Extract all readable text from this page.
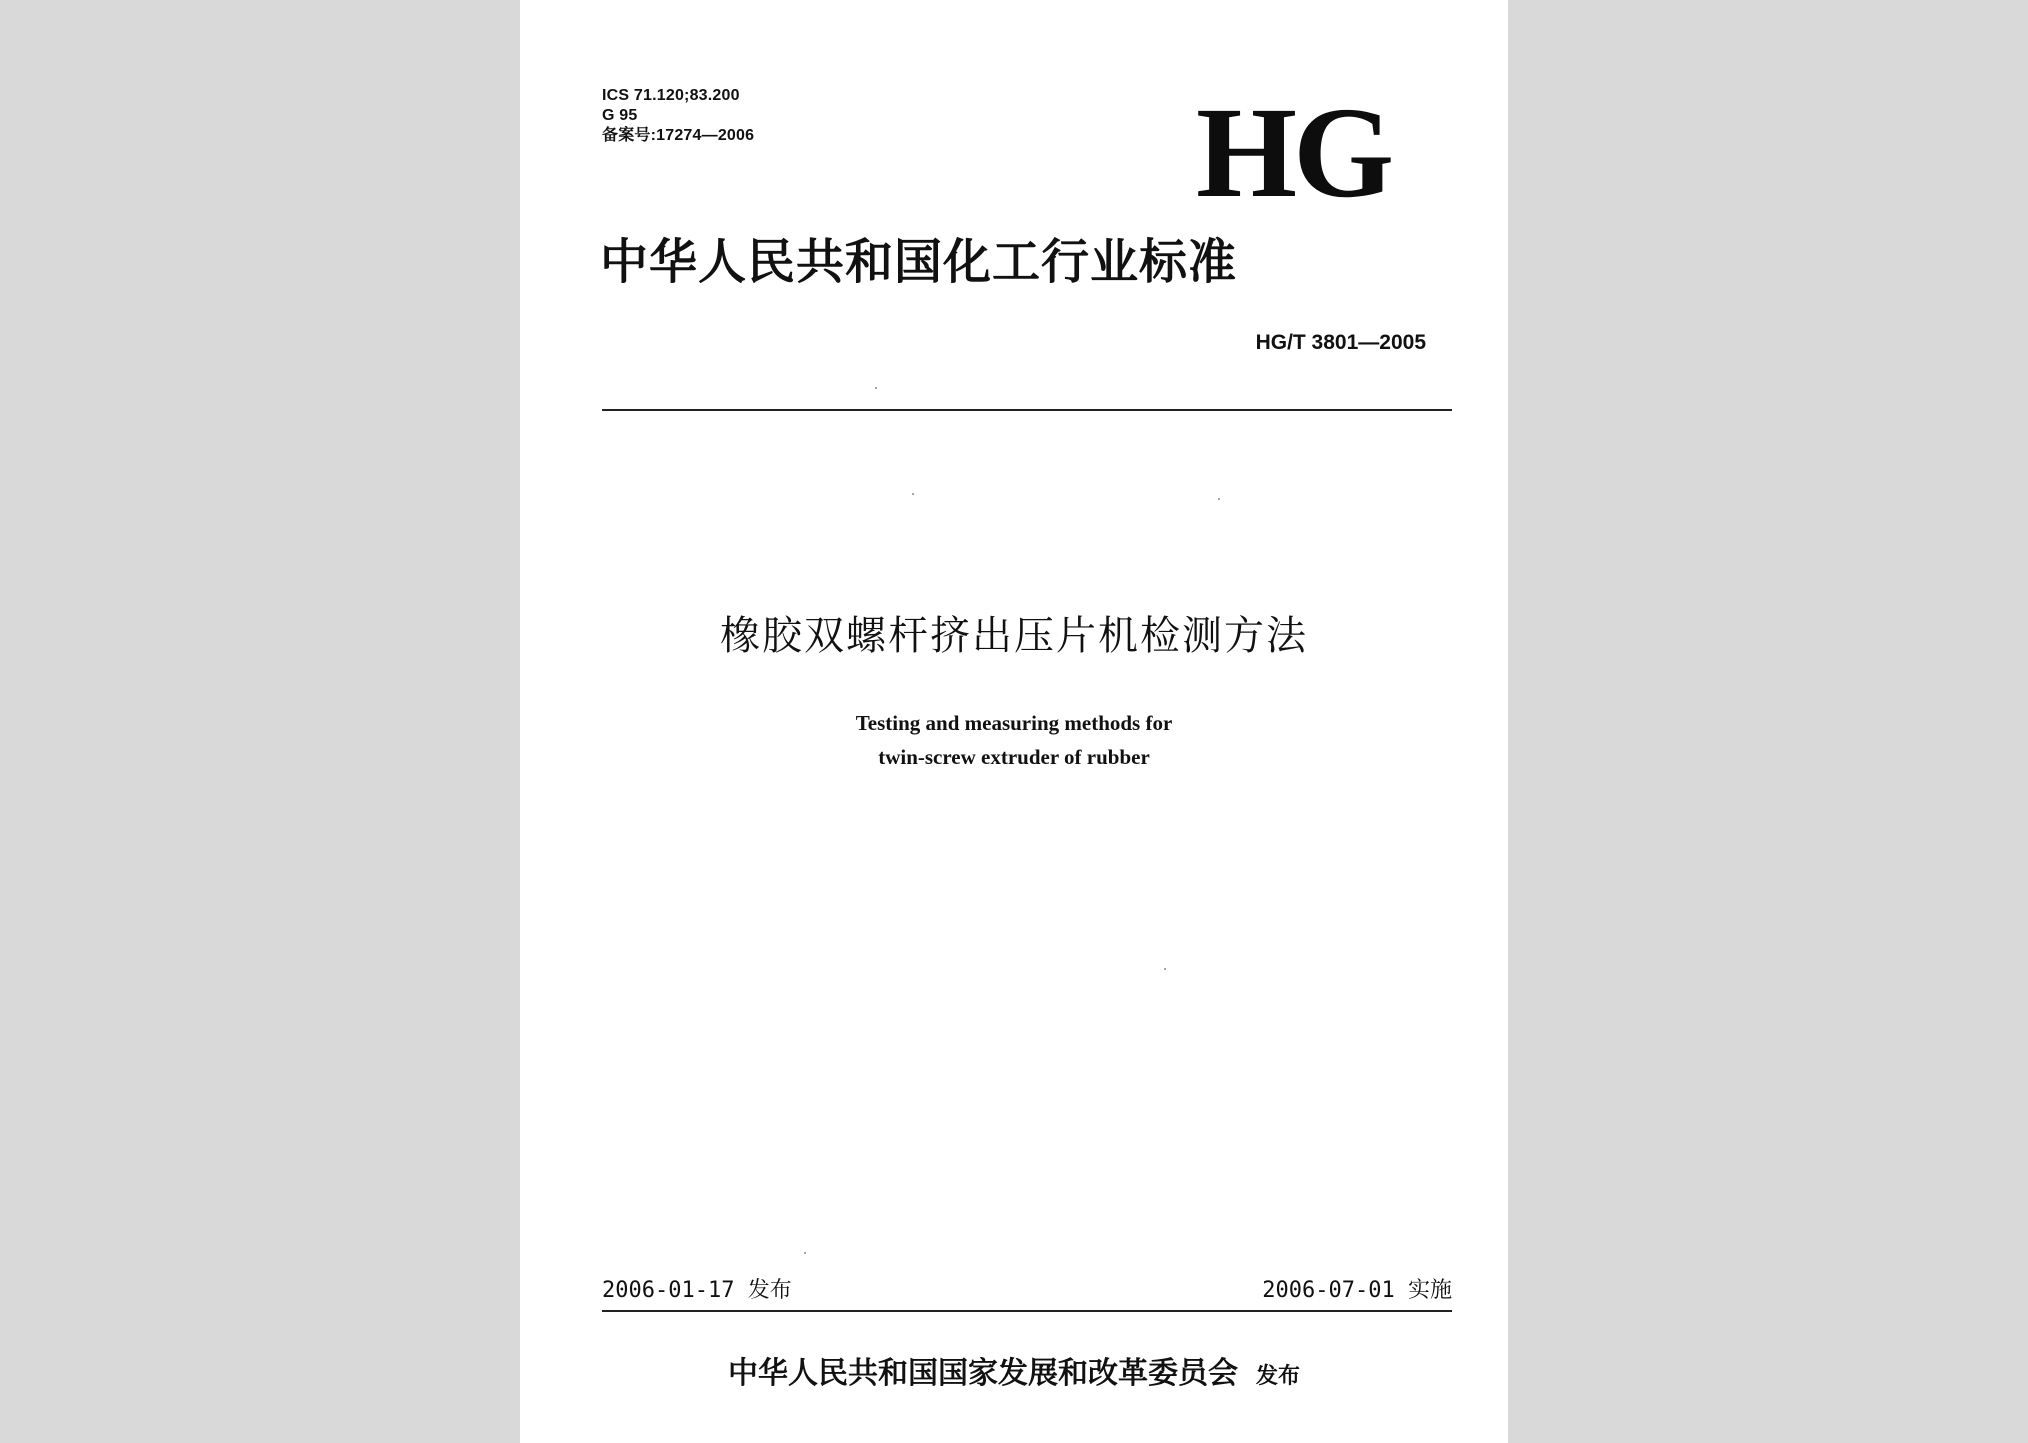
ICS 71.120;83.200
G 95
备案号:17274—2006	HG
中华人民共和国化工行业标准
HG/T 3801—2005
橡胶双螺杆挤出压片机检测方法
Testing and measuring methods for
twin-screw extruder of rubber
2006-01-17 发布	2006-07-01 实施
中华人民共和国国家发展和改革委员会 发布
